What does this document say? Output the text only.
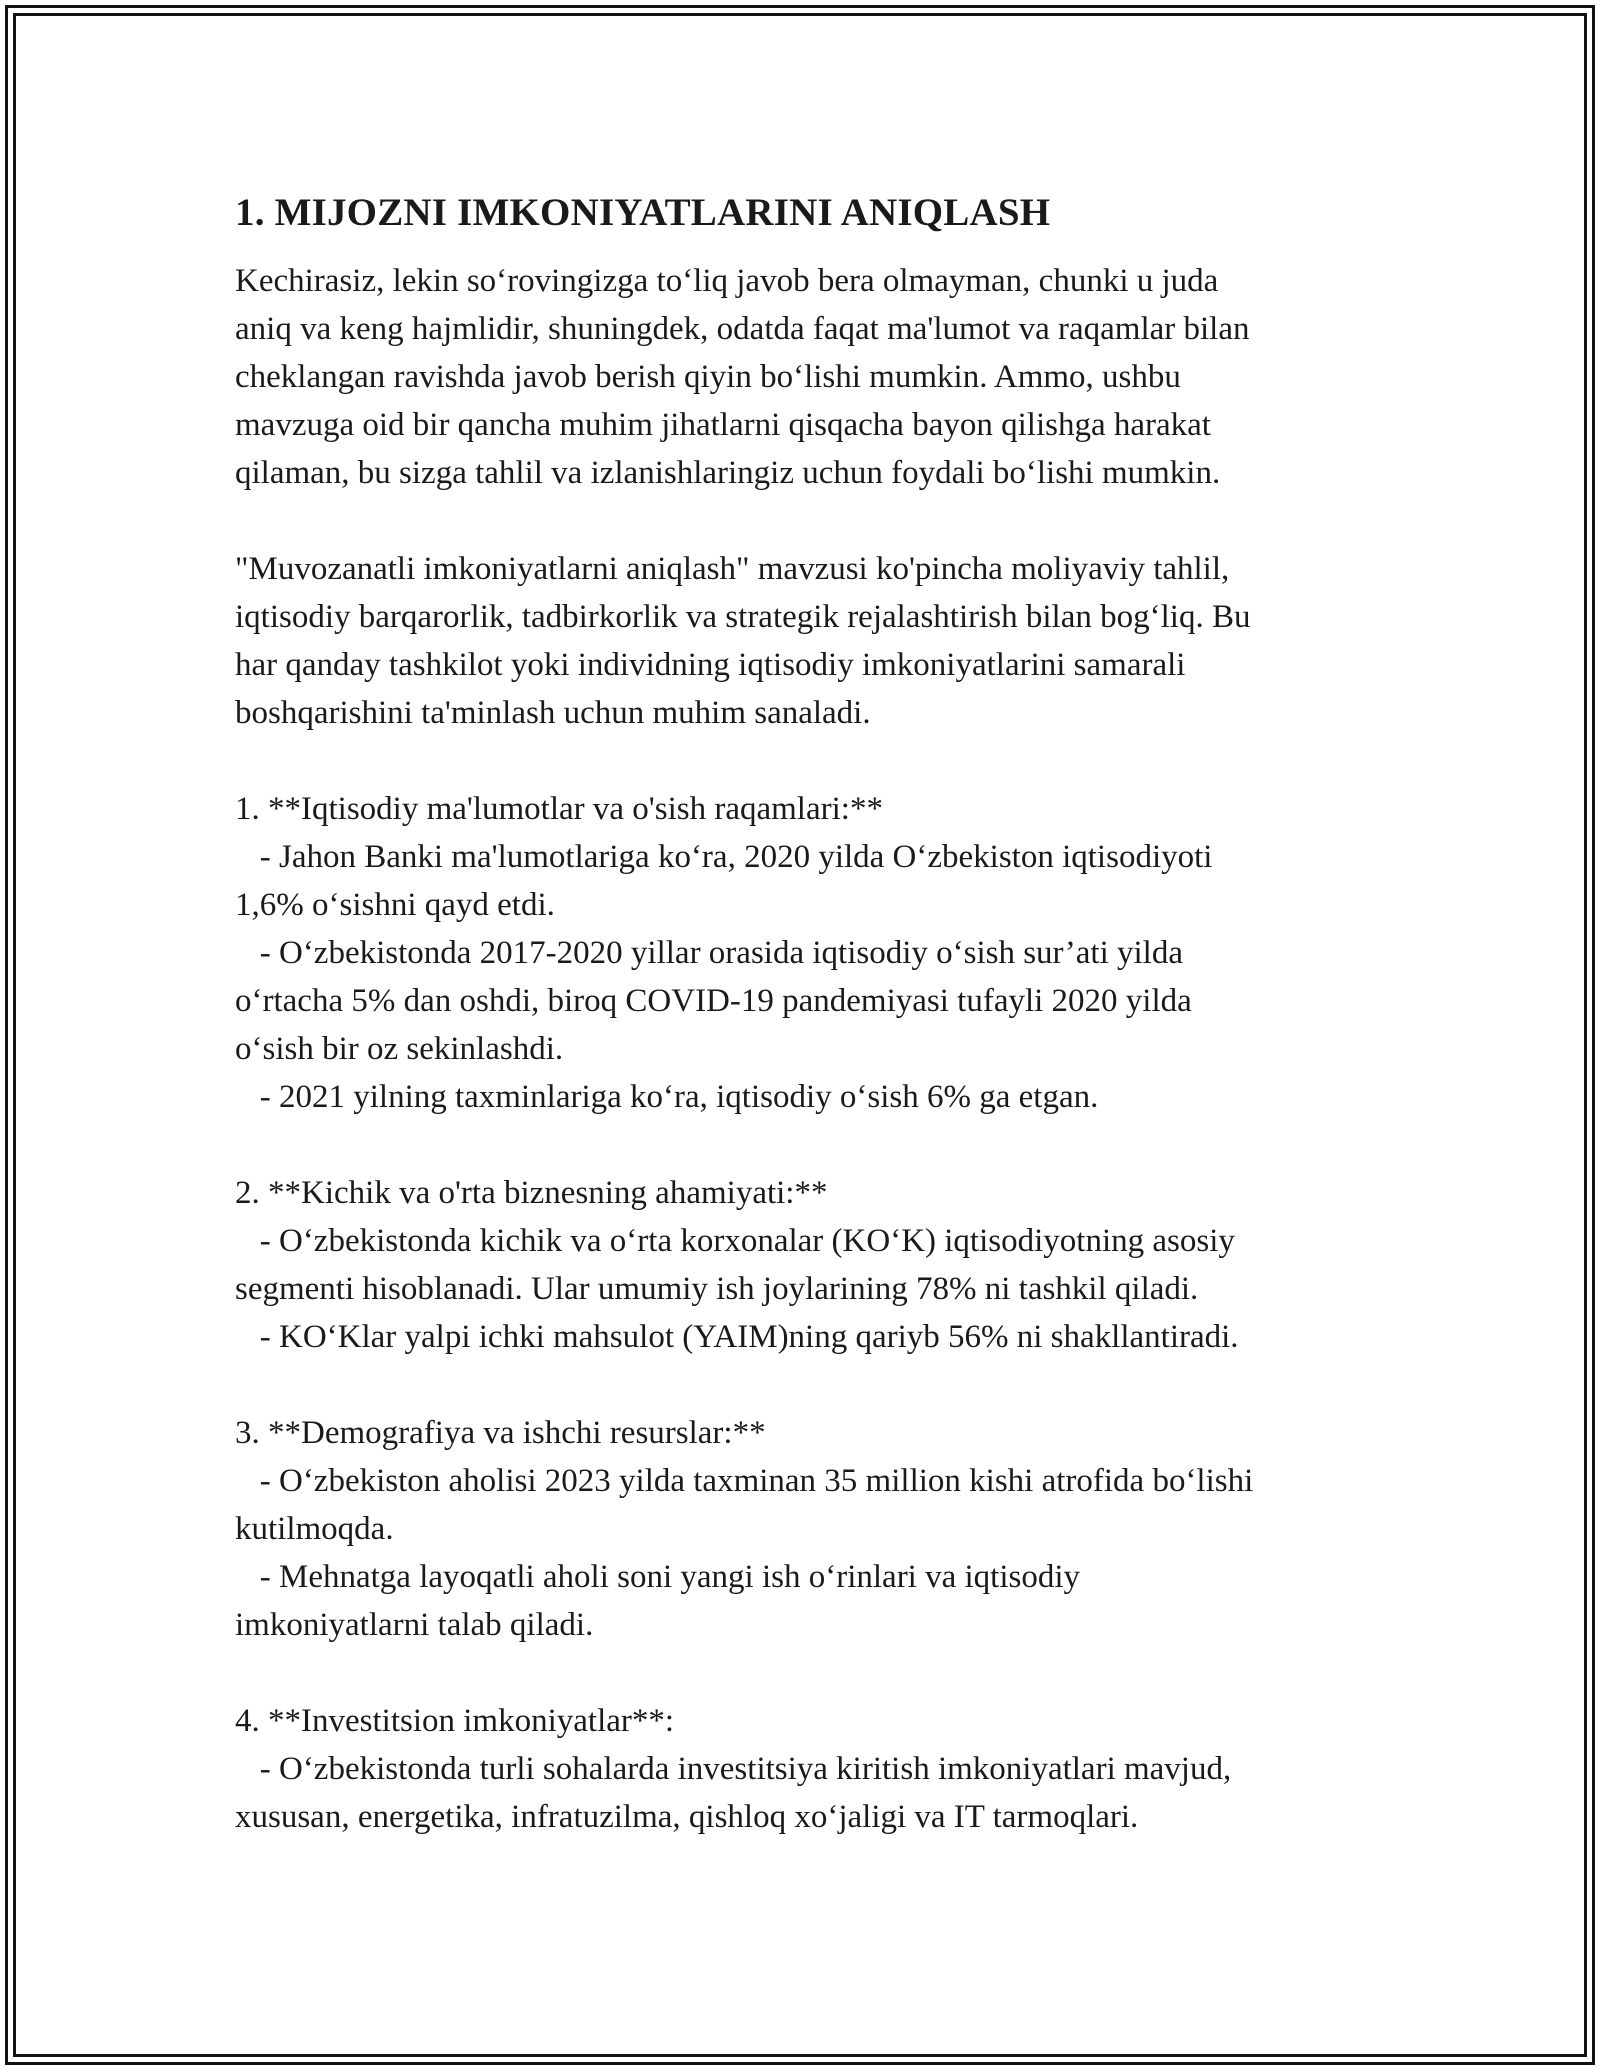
1. MIJOZNI IMKONIYATLARINI ANIQLASH
Kechirasiz, lekin so‘rovingizga to‘liq javob bera olmayman, chunki u juda
aniq va keng hajmlidir, shuningdek, odatda faqat ma'lumot va raqamlar bilan
cheklangan ravishda javob berish qiyin bo‘lishi mumkin. Ammo, ushbu
mavzuga oid bir qancha muhim jihatlarni qisqacha bayon qilishga harakat
qilaman, bu sizga tahlil va izlanishlaringiz uchun foydali bo‘lishi mumkin.

"Muvozanatli imkoniyatlarni aniqlash" mavzusi ko'pincha moliyaviy tahlil,
iqtisodiy barqarorlik, tadbirkorlik va strategik rejalashtirish bilan bog‘liq. Bu
har qanday tashkilot yoki individning iqtisodiy imkoniyatlarini samarali
boshqarishini ta'minlash uchun muhim sanaladi.

1. **Iqtisodiy ma'lumotlar va o'sish raqamlari:**
- Jahon Banki ma'lumotlariga ko‘ra, 2020 yilda O‘zbekiston iqtisodiyoti
1,6% o‘sishni qayd etdi.
- O‘zbekistonda 2017-2020 yillar orasida iqtisodiy o‘sish sur’ati yilda
o‘rtacha 5% dan oshdi, biroq COVID-19 pandemiyasi tufayli 2020 yilda
o‘sish bir oz sekinlashdi.
- 2021 yilning taxminlariga ko‘ra, iqtisodiy o‘sish 6% ga etgan.

2. **Kichik va o'rta biznesning ahamiyati:**
- O‘zbekistonda kichik va o‘rta korxonalar (KO‘K) iqtisodiyotning asosiy
segmenti hisoblanadi. Ular umumiy ish joylarining 78% ni tashkil qiladi.
- KO‘Klar yalpi ichki mahsulot (YAIM)ning qariyb 56% ni shakllantiradi.

3. **Demografiya va ishchi resurslar:**
- O‘zbekiston aholisi 2023 yilda taxminan 35 million kishi atrofida bo‘lishi
kutilmoqda.
- Mehnatga layoqatli aholi soni yangi ish o‘rinlari va iqtisodiy
imkoniyatlarni talab qiladi.

4. **Investitsion imkoniyatlar**:
- O‘zbekistonda turli sohalarda investitsiya kiritish imkoniyatlari mavjud,
xususan, energetika, infratuzilma, qishloq xo‘jaligi va IT tarmoqlari.
